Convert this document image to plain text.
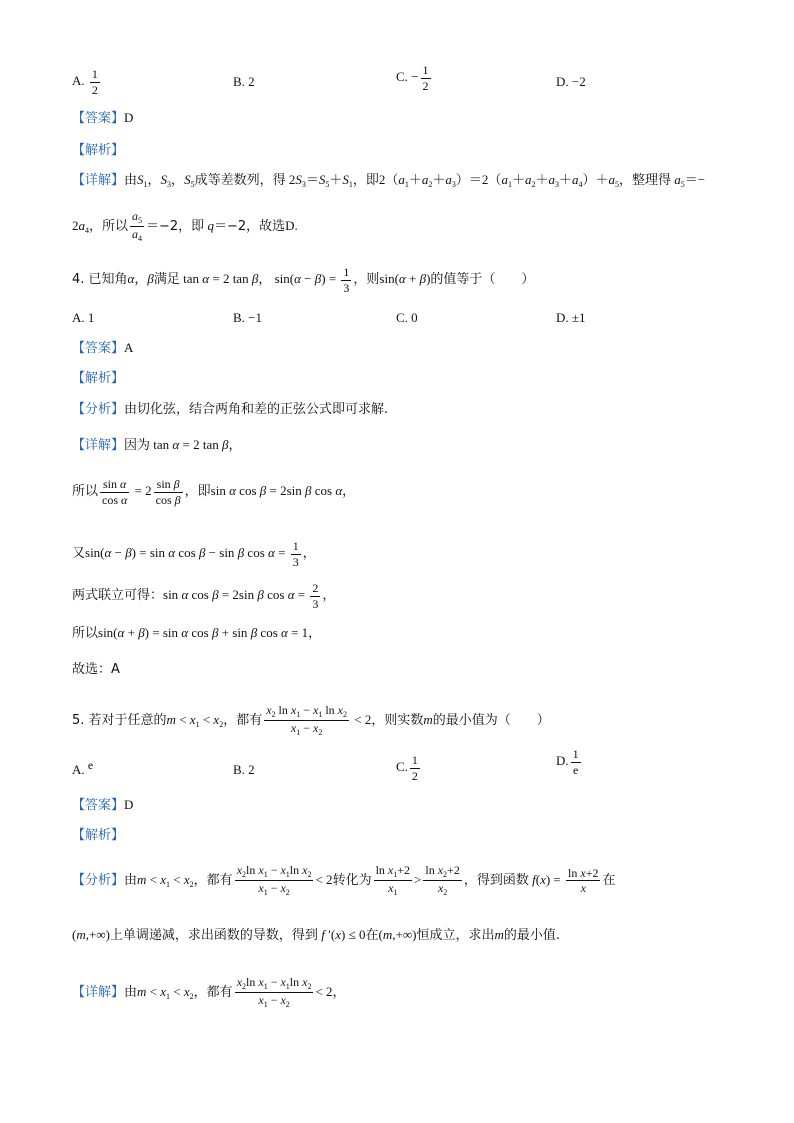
A. $\frac{1}{2}$	B. 2	C. − $\frac{1}{2}$	D. −2
【答案】D
【解析】
【详解】由$S_1$，$S_3$，$S_5$成等差数列，得 $2S_3=S_5+S_1$，即$2(a_1+a_2+a_3)=2(a_1+a_2+a_3+a_4)+a_5$，整理得 $a_5=-$
$2a_4$，所以 $\frac{a_5}{a_4} =-2$，即 q＝−2，故选D.
4. 已知角α，β满足 tan α = 2 tan β， $\sin(\alpha - \beta) = \frac{1}{3}$ ，则sin(α + β)的值等于（　　）
A. 1	B. −1	C. 0	D. ±1
【答案】A
【解析】
【分析】由切化弦，结合两角和差的正弦公式即可求解.
【详解】因为 tan α = 2 tan β，
所以 $\frac{\text{sin α}}{\text{cos α}} = 2 \frac{\text{sin β}}{\text{cos β}}$ ，即sin α cos β = 2sin β cos α，
又sin(α − β) = sin α cos β − sin β $\cos \alpha = \frac{1}{3}$ ，
两式联立可得：sin α cos β = 2sin β $\cos \alpha = \frac{2}{3}$ ，
所以sin(α + β) = sin α cos β + sin β cos α = 1，
故选：A
5. 若对于任意的$m < x_1 < x_2$，都有 $\frac{x_2 \ln x_1 - x_1 \ln x_2}{x_1 - x_2} < 2$，则实数m的最小值为（　　）
A. e	B. 2	C. $\frac{1}{2}$	D. $\frac{1}{e}$
【答案】D
【解析】
【分析】由$m < x_1 < x_2$，都有 $\frac{x_2\ln x_1 - x_1\ln x_2}{x_1 - x_2} < 2$转化为 $\frac{\ln x_1+2}{x_1} > \frac{\ln x_2+2}{x_2}$ ，得到函数 $f(x) = \frac{\text{ln x+2}}{x}$ 在
(m,+∞)上单调递减，求出函数的导数，得到 f ′(x) ≤ 0在(m,+∞)恒成立，求出m的最小值.
【详解】由$m < x_1 < x_2$，都有 $\frac{x_2\ln x_1 - x_1\ln x_2}{x_1 - x_2} < 2$，
